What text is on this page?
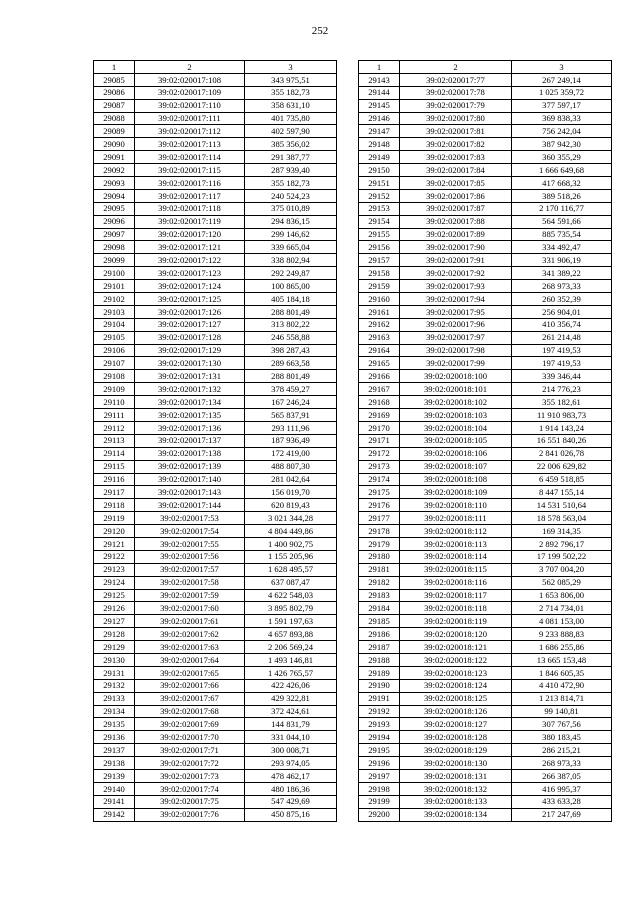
252
1	2	3
29085	39:02:020017:108	343 975,51
29086	39:02:020017:109	355 182,73
29087	39:02:020017:110	358 631,10
29088	39:02:020017:111	401 735,80
29089	39:02:020017:112	402 597,90
29090	39:02:020017:113	385 356,02
29091	39:02:020017:114	291 387,77
29092	39:02:020017:115	287 939,40
29093	39:02:020017:116	355 182,73
29094	39:02:020017:117	240 524,23
29095	39:02:020017:118	375 010,89
29096	39:02:020017:119	294 836,15
29097	39:02:020017:120	299 146,62
29098	39:02:020017:121	339 665,04
29099	39:02:020017:122	338 802,94
29100	39:02:020017:123	292 249,87
29101	39:02:020017:124	100 865,00
29102	39:02:020017:125	405 184,18
29103	39:02:020017:126	288 801,49
29104	39:02:020017:127	313 802,22
29105	39:02:020017:128	246 558,88
29106	39:02:020017:129	398 287,43
29107	39:02:020017:130	289 663,58
29108	39:02:020017:131	288 801,49
29109	39:02:020017:132	378 459,27
29110	39:02:020017:134	167 246,24
29111	39:02:020017:135	565 837,91
29112	39:02:020017:136	293 111,96
29113	39:02:020017:137	187 936,49
29114	39:02:020017:138	172 419,00
29115	39:02:020017:139	488 807,30
29116	39:02:020017:140	281 042,64
29117	39:02:020017:143	156 019,70
29118	39:02:020017:144	620 819,43
29119	39:02:020017:53	3 021 344,28
29120	39:02:020017:54	4 804 449,86
29121	39:02:020017:55	1 400 902,75
29122	39:02:020017:56	1 155 205,96
29123	39:02:020017:57	1 628 495,57
29124	39:02:020017:58	637 087,47
29125	39:02:020017:59	4 622 548,03
29126	39:02:020017:60	3 895 802,79
29127	39:02:020017:61	1 591 197,63
29128	39:02:020017:62	4 657 893,88
29129	39:02:020017:63	2 206 569,24
29130	39:02:020017:64	1 493 146,81
29131	39:02:020017:65	1 426 765,57
29132	39:02:020017:66	422 426,06
29133	39:02:020017:67	429 322,81
29134	39:02:020017:68	372 424,61
29135	39:02:020017:69	144 831,79
29136	39:02:020017:70	331 044,10
29137	39:02:020017:71	300 008,71
29138	39:02:020017:72	293 974,05
29139	39:02:020017:73	478 462,17
29140	39:02:020017:74	480 186,36
29141	39:02:020017:75	547 429,69
29142	39:02:020017:76	450 875,16
1	2	3
29143	39:02:020017:77	267 249,14
29144	39:02:020017:78	1 025 359,72
29145	39:02:020017:79	377 597,17
29146	39:02:020017:80	369 838,33
29147	39:02:020017:81	756 242,04
29148	39:02:020017:82	387 942,30
29149	39:02:020017:83	360 355,29
29150	39:02:020017:84	1 666 649,68
29151	39:02:020017:85	417 668,32
29152	39:02:020017:86	389 518,26
29153	39:02:020017:87	2 170 116,77
29154	39:02:020017:88	564 591,66
29155	39:02:020017:89	885 735,54
29156	39:02:020017:90	334 492,47
29157	39:02:020017:91	331 906,19
29158	39:02:020017:92	341 389,22
29159	39:02:020017:93	268 973,33
29160	39:02:020017:94	260 352,39
29161	39:02:020017:95	256 904,01
29162	39:02:020017:96	410 356,74
29163	39:02:020017:97	261 214,48
29164	39:02:020017:98	197 419,53
29165	39:02:020017:99	197 419,53
29166	39:02:020018:100	339 346,44
29167	39:02:020018:101	214 776,23
29168	39:02:020018:102	355 182,61
29169	39:02:020018:103	11 910 983,73
29170	39:02:020018:104	1 914 143,24
29171	39:02:020018:105	16 551 840,26
29172	39:02:020018:106	2 841 026,78
29173	39:02:020018:107	22 006 629,82
29174	39:02:020018:108	6 459 518,85
29175	39:02:020018:109	8 447 155,14
29176	39:02:020018:110	14 531 510,64
29177	39:02:020018:111	18 578 563,04
29178	39:02:020018:112	169 314,35
29179	39:02:020018:113	2 892 796,17
29180	39:02:020018:114	17 199 502,22
29181	39:02:020018:115	3 707 004,20
29182	39:02:020018:116	562 085,29
29183	39:02:020018:117	1 653 806,00
29184	39:02:020018:118	2 714 734,01
29185	39:02:020018:119	4 081 153,00
29186	39:02:020018:120	9 233 888,83
29187	39:02:020018:121	1 686 255,86
29188	39:02:020018:122	13 665 153,48
29189	39:02:020018:123	1 846 605,35
29190	39:02:020018:124	4 410 472,90
29191	39:02:020018:125	1 213 814,71
29192	39:02:020018:126	99 140,81
29193	39:02:020018:127	307 767,56
29194	39:02:020018:128	380 183,45
29195	39:02:020018:129	286 215,21
29196	39:02:020018:130	268 973,33
29197	39:02:020018:131	266 387,05
29198	39:02:020018:132	416 995,37
29199	39:02:020018:133	433 633,28
29200	39:02:020018:134	217 247,69
